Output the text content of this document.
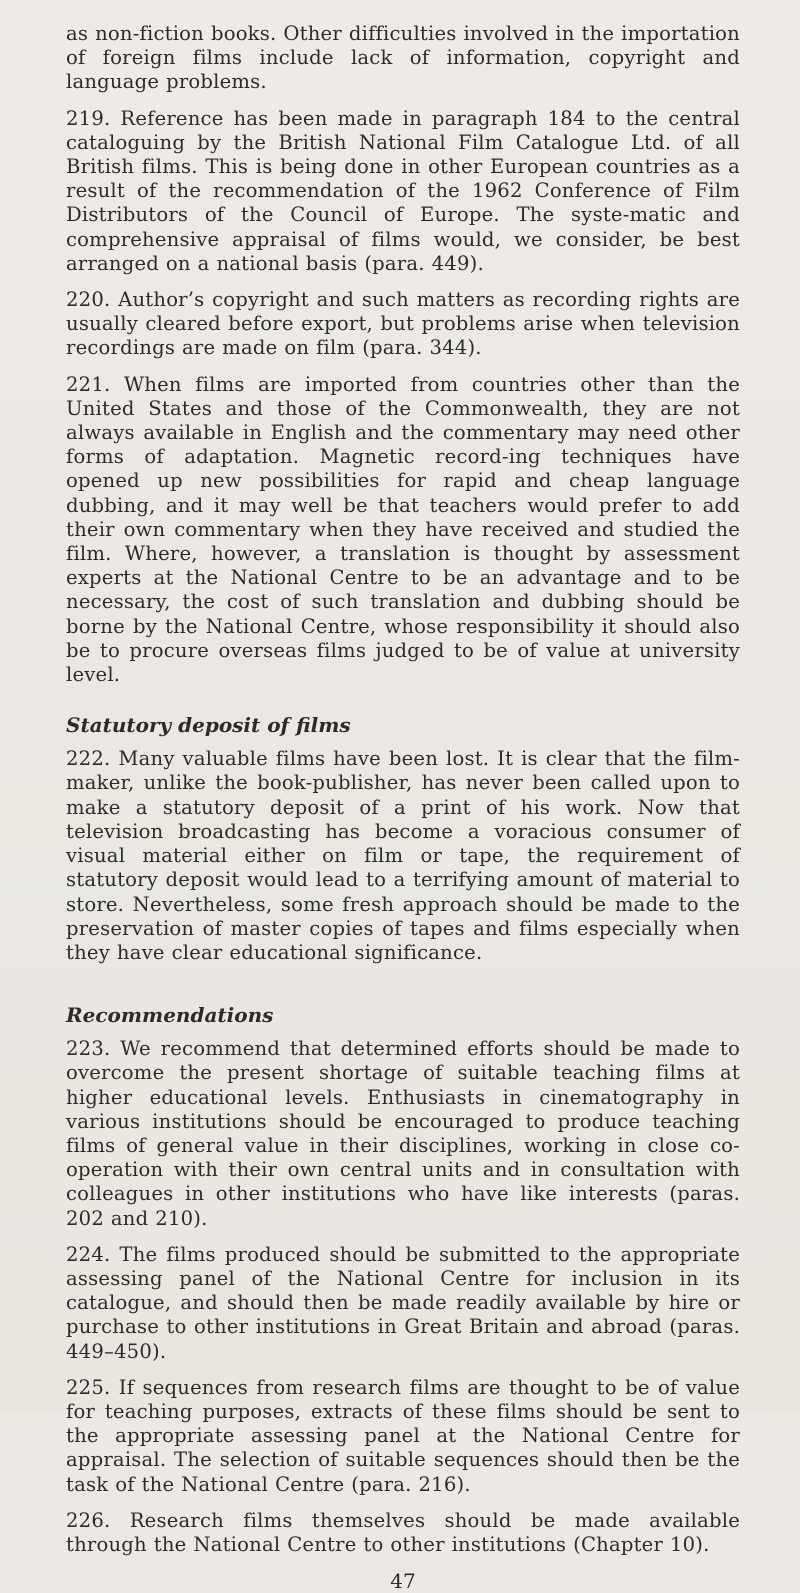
as non-fiction books. Other difficulties involved in the importation of foreign films include lack of information, copyright and language problems.

219. Reference has been made in paragraph 184 to the central cataloguing by the British National Film Catalogue Ltd. of all British films. This is being done in other European countries as a result of the recommendation of the 1962 Conference of Film Distributors of the Council of Europe. The syste-matic and comprehensive appraisal of films would, we consider, be best arranged on a national basis (para. 449).

220. Author’s copyright and such matters as recording rights are usually cleared before export, but problems arise when television recordings are made on film (para. 344).

221. When films are imported from countries other than the United States and those of the Commonwealth, they are not always available in English and the commentary may need other forms of adaptation. Magnetic record-ing techniques have opened up new possibilities for rapid and cheap language dubbing, and it may well be that teachers would prefer to add their own commentary when they have received and studied the film. Where, however, a translation is thought by assessment experts at the National Centre to be an advantage and to be necessary, the cost of such translation and dubbing should be borne by the National Centre, whose responsibility it should also be to procure overseas films judged to be of value at university level.

Statutory deposit of films

222. Many valuable films have been lost. It is clear that the film-maker, unlike the book-publisher, has never been called upon to make a statutory deposit of a print of his work. Now that television broadcasting has become a voracious consumer of visual material either on film or tape, the requirement of statutory deposit would lead to a terrifying amount of material to store. Nevertheless, some fresh approach should be made to the preservation of master copies of tapes and films especially when they have clear educational significance.

Recommendations

223. We recommend that determined efforts should be made to overcome the present shortage of suitable teaching films at higher educational levels. Enthusiasts in cinematography in various institutions should be encouraged to produce teaching films of general value in their disciplines, working in close co-operation with their own central units and in consultation with colleagues in other institutions who have like interests (paras. 202 and 210).

224. The films produced should be submitted to the appropriate assessing panel of the National Centre for inclusion in its catalogue, and should then be made readily available by hire or purchase to other institutions in Great Britain and abroad (paras. 449–450).

225. If sequences from research films are thought to be of value for teaching purposes, extracts of these films should be sent to the appropriate assessing panel at the National Centre for appraisal. The selection of suitable sequences should then be the task of the National Centre (para. 216).

226. Research films themselves should be made available through the National Centre to other institutions (Chapter 10).

47
